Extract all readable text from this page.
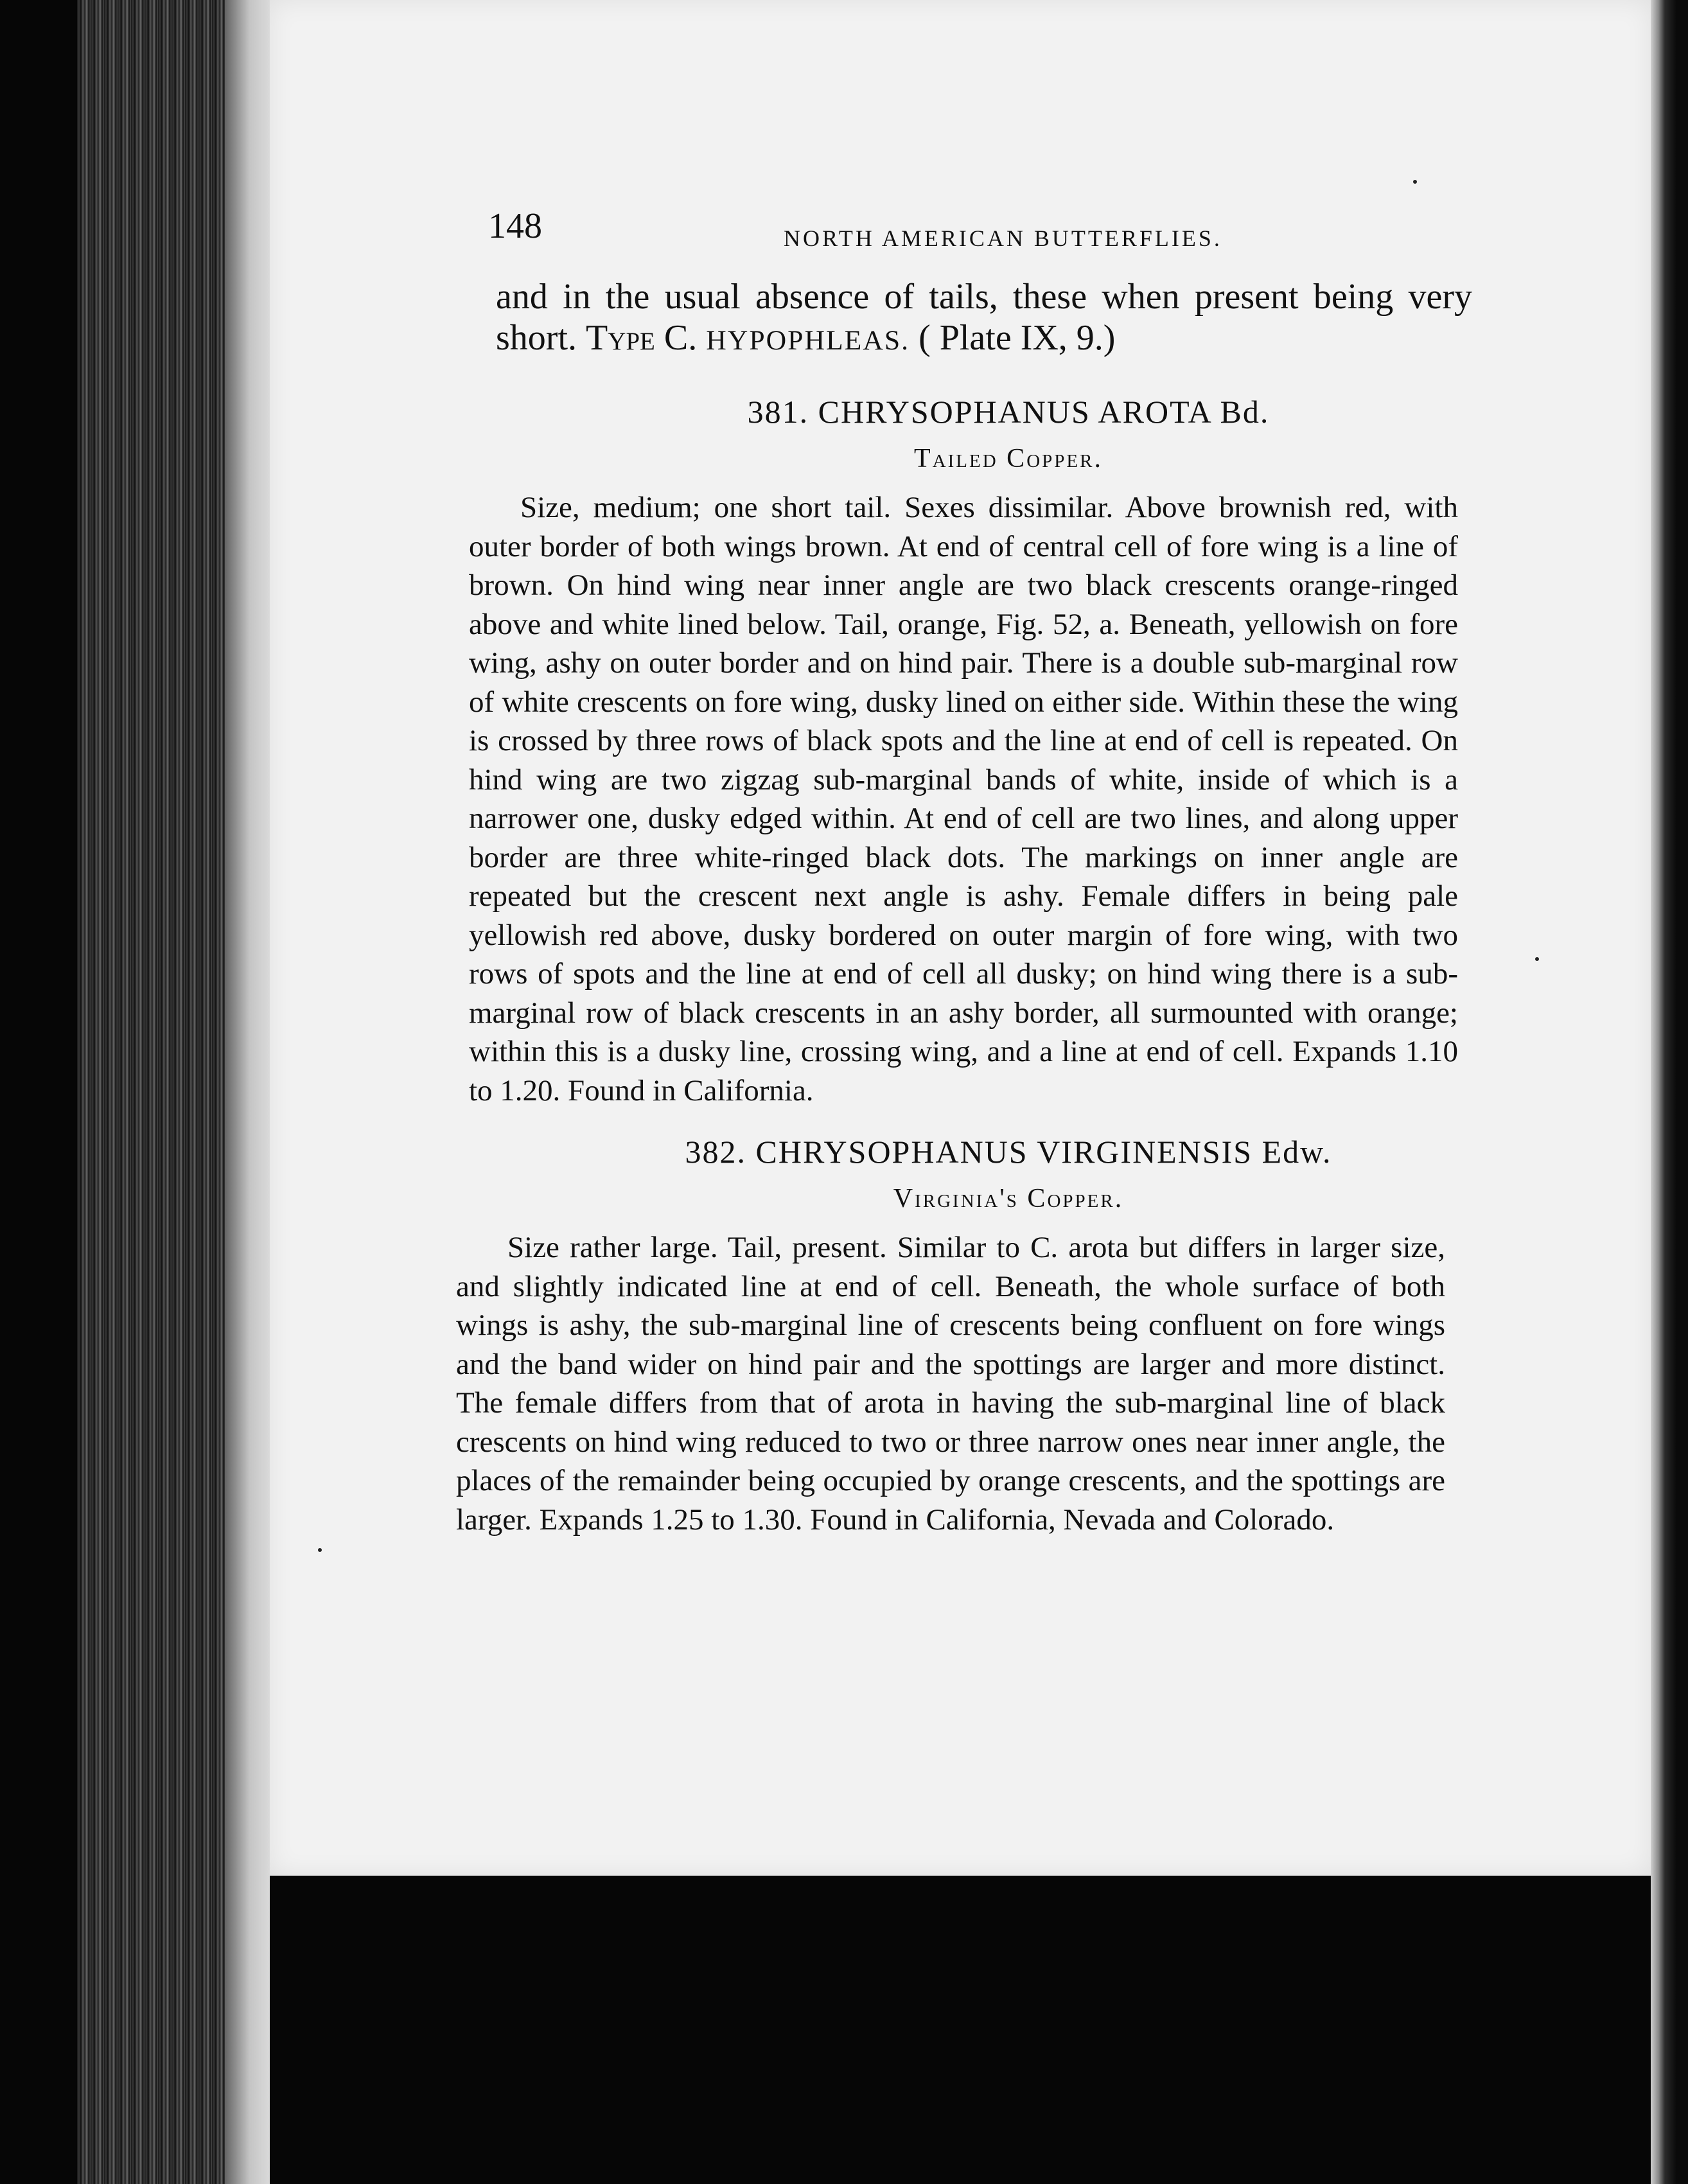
148	NORTH AMERICAN BUTTERFLIES.

and in the usual absence of tails, these when present being very short. Type C. HYPOPHLEAS. ( Plate IX, 9.)

381. CHRYSOPHANUS AROTA Bd.
Tailed Copper.

Size, medium; one short tail. Sexes dissimilar. Above brownish red, with outer border of both wings brown. At end of central cell of fore wing is a line of brown. On hind wing near inner angle are two black crescents orange-ringed above and white lined below. Tail, orange, Fig. 52, a. Beneath, yellowish on fore wing, ashy on outer border and on hind pair. There is a double sub-marginal row of white crescents on fore wing, dusky lined on either side. Within these the wing is crossed by three rows of black spots and the line at end of cell is repeated. On hind wing are two zigzag sub-marginal bands of white, inside of which is a narrower one, dusky edged within. At end of cell are two lines, and along upper border are three white-ringed black dots. The markings on inner angle are repeated but the crescent next angle is ashy. Female differs in being pale yellowish red above, dusky bordered on outer margin of fore wing, with two rows of spots and the line at end of cell all dusky; on hind wing there is a sub-marginal row of black crescents in an ashy border, all surmounted with orange; within this is a dusky line, crossing wing, and a line at end of cell. Expands 1.10 to 1.20. Found in California.

382. CHRYSOPHANUS VIRGINENSIS Edw.
Virginia's Copper.

Size rather large. Tail, present. Similar to C. arota but differs in larger size, and slightly indicated line at end of cell. Beneath, the whole surface of both wings is ashy, the sub-marginal line of crescents being confluent on fore wings and the band wider on hind pair and the spottings are larger and more distinct. The female differs from that of arota in having the sub-marginal line of black crescents on hind wing reduced to two or three narrow ones near inner angle, the places of the remainder being occupied by orange crescents, and the spottings are larger. Expands 1.25 to 1.30. Found in California, Nevada and Colorado.
